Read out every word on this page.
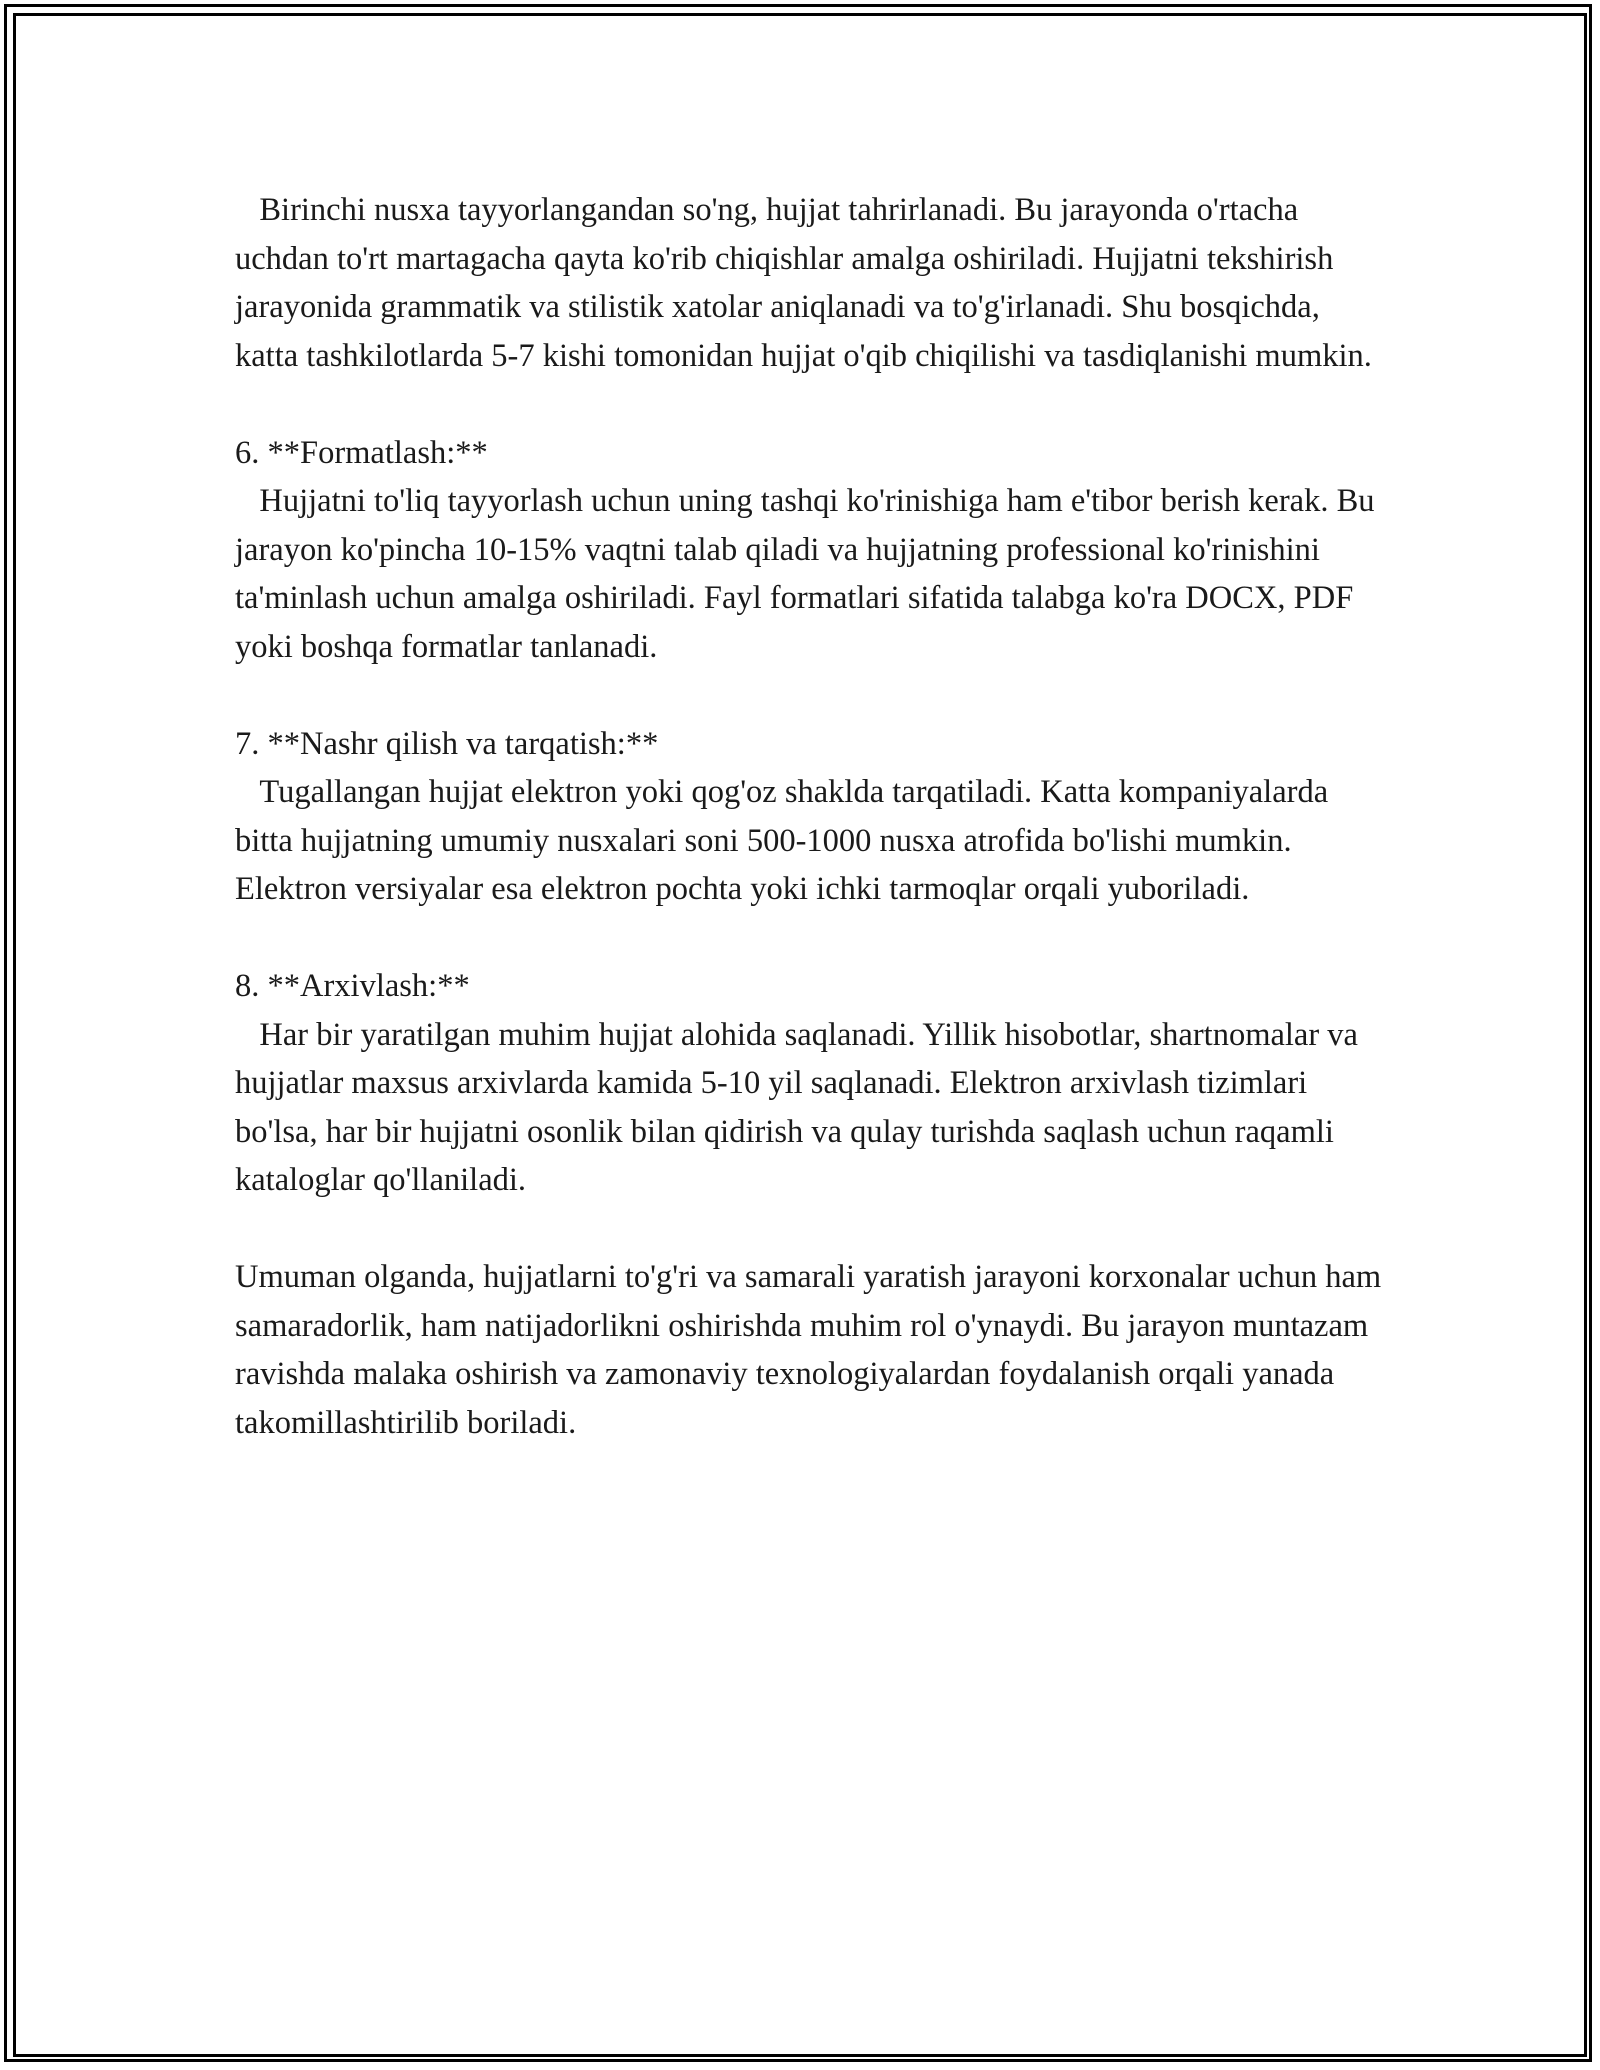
Birinchi nusxa tayyorlangandan so'ng, hujjat tahrirlanadi. Bu jarayonda o'rtacha uchdan to'rt martagacha qayta ko'rib chiqishlar amalga oshiriladi. Hujjatni tekshirish jarayonida grammatik va stilistik xatolar aniqlanadi va to'g'irlanadi. Shu bosqichda, katta tashkilotlarda 5-7 kishi tomonidan hujjat o'qib chiqilishi va tasdiqlanishi mumkin.

6. **Formatlash:**

Hujjatni to'liq tayyorlash uchun uning tashqi ko'rinishiga ham e'tibor berish kerak. Bu jarayon ko'pincha 10-15% vaqtni talab qiladi va hujjatning professional ko'rinishini ta'minlash uchun amalga oshiriladi. Fayl formatlari sifatida talabga ko'ra DOCX, PDF yoki boshqa formatlar tanlanadi.

7. **Nashr qilish va tarqatish:**

Tugallangan hujjat elektron yoki qog'oz shakldа tarqatiladi. Katta kompaniyalarda bitta hujjatning umumiy nusxalari soni 500-1000 nusxa atrofida bo'lishi mumkin. Elektron versiyalar esa elektron pochta yoki ichki tarmoqlar orqali yuboriladi.

8. **Arxivlash:**

Har bir yaratilgan muhim hujjat alohida saqlanadi. Yillik hisobotlar, shartnomalar va hujjatlar maxsus arxivlarda kamida 5-10 yil saqlanadi. Elektron arxivlash tizimlari bo'lsa, har bir hujjatni osonlik bilan qidirish va qulay turishda saqlash uchun raqamli kataloglar qo'llaniladi.

Umuman olganda, hujjatlarni to'g'ri va samarali yaratish jarayoni korxonalar uchun ham samaradorlik, ham natijadorlikni oshirishda muhim rol o'ynaydi. Bu jarayon muntazam ravishda malaka oshirish va zamonaviy texnologiyalardan foydalanish orqali yanada takomillashtirilib boriladi.
